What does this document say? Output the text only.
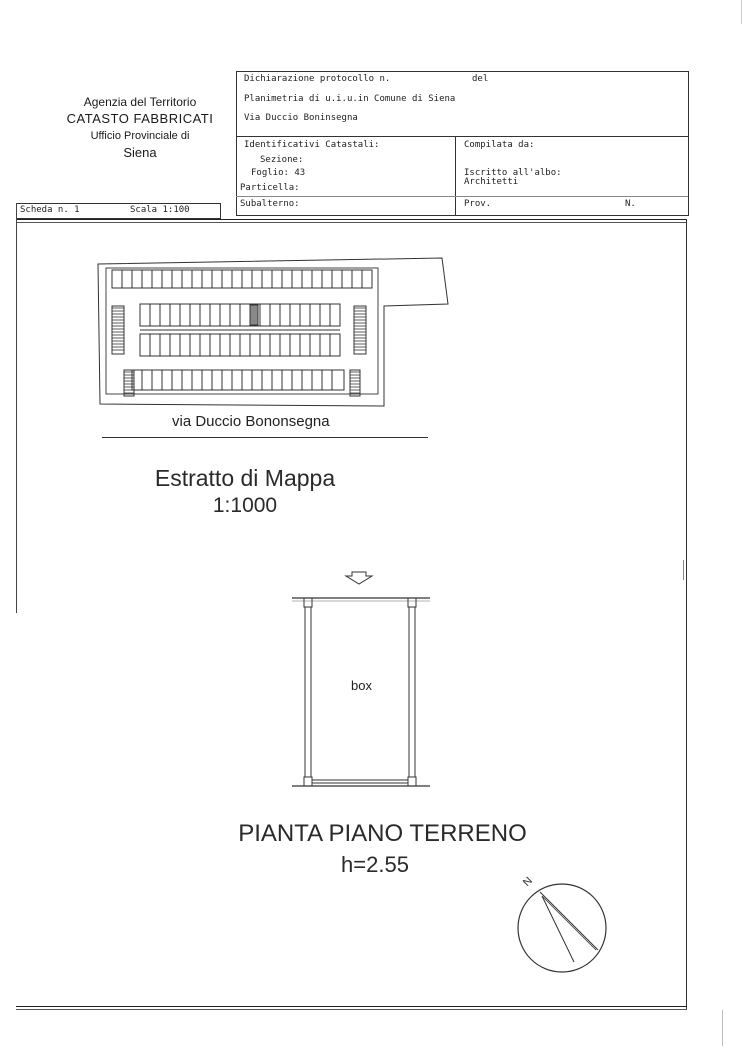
Agenzia del Territorio
CATASTO FABBRICATI
Ufficio Provinciale di
Siena
Dichiarazione protocollo n.	del
Planimetria di u.i.u.in Comune di Siena
Via Duccio Boninsegna
Identificativi Catastali:
Sezione:
Foglio: 43
Particella:
Subalterno:
Compilata da:
Iscritto all'albo:
Architetti
Prov.	N.
Scheda n. 1	Scala 1:100
via Duccio Bononsegna
Estratto di Mappa
1:1000
box
PIANTA PIANO TERRENO
h=2.55
N
